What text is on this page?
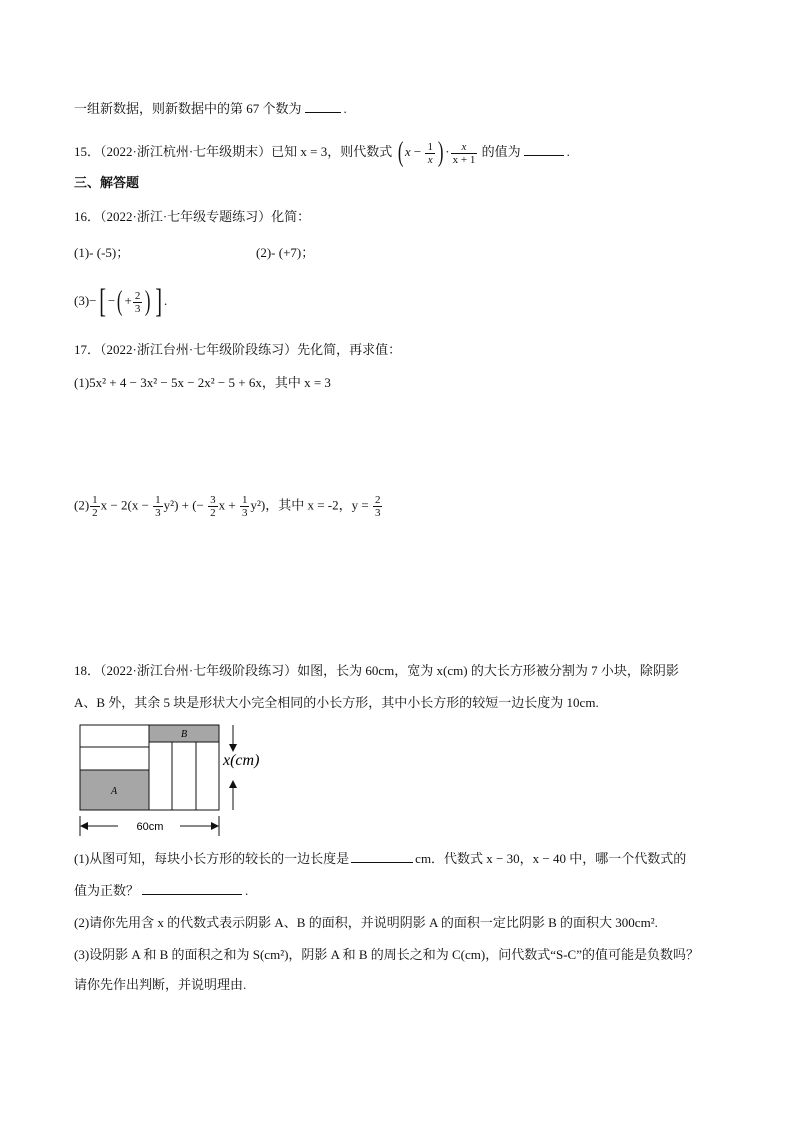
一组新数据，则新数据中的第 67 个数为	.
15．（2022·浙江杭州·七年级期末）已知 x = 3，则代数式 ( $x - \frac{1}{x}$ ) · $\frac{x}{x + 1}$ 的值为	.
三、解答题
16．（2022·浙江·七年级专题练习）化简：
(1)- (-5)；	(2)- (+7)；
(3)−[ −( + $\frac{2}{3}$ ) ] .
17．（2022·浙江台州·七年级阶段练习）先化简，再求值：
(1)5x² + 4 − 3x² − 5x − 2x² − 5 + 6x，其中 x = 3
$(2) \frac{1}{2}$ $x - 2(x - \frac{1}{3} y^2)$ + (− $\frac{3}{2}$ $x + \frac{1}{3} y^2$)，其中 x = -2，$y = \frac{2}{3}$
18．（2022·浙江台州·七年级阶段练习）如图，长为 60cm，宽为 x(cm) 的大长方形被分割为 7 小块，除阴影
A、B 外，其余 5 块是形状大小完全相同的小长方形，其中小长方形的较短一边长度为 10cm.
A
B
x(cm)
60cm
(1)从图可知，每块小长方形的较长的一边长度是	cm．代数式 x − 30，x − 40 中，哪一个代数式的
值为正数？	.
(2)请你先用含 x 的代数式表示阴影 A、B 的面积，并说明阴影 A 的面积一定比阴影 B 的面积大 300cm².
(3)设阴影 A 和 B 的面积之和为 S(cm²)，阴影 A 和 B 的周长之和为 C(cm)，问代数式“S-C”的值可能是负数吗？
请你先作出判断，并说明理由.
